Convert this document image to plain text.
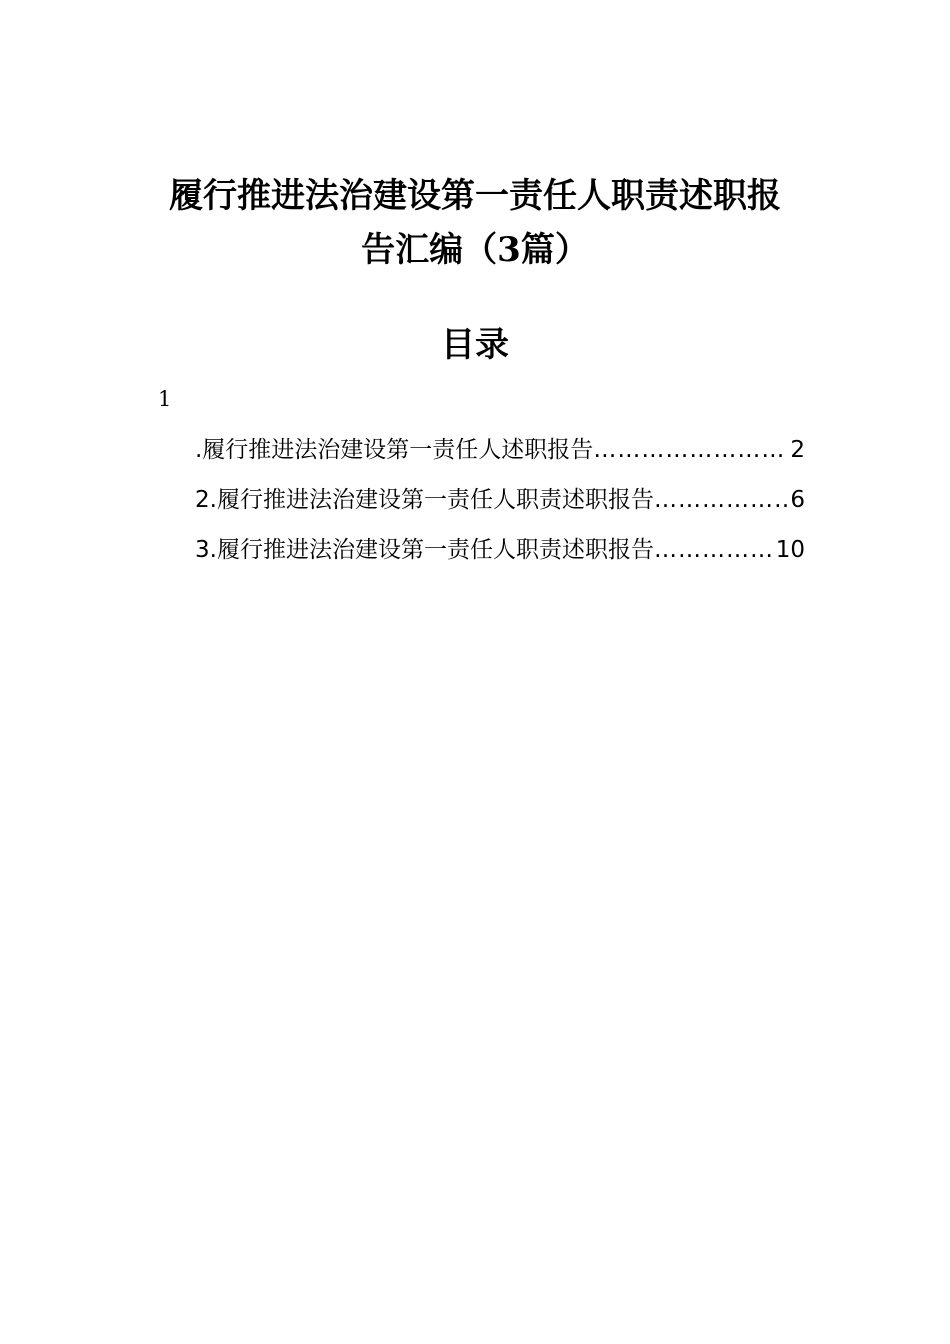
履行推进法治建设第一责任人职责述职报
告汇编（3篇）
目录
1
.履行推进法治建设第一责任人述职报告 …………………………………………………………………………	2
2.履行推进法治建设第一责任人职责述职报告 …………………………………………………………………………	6
3.履行推进法治建设第一责任人职责述职报告 …………………………………………………………………………	10
